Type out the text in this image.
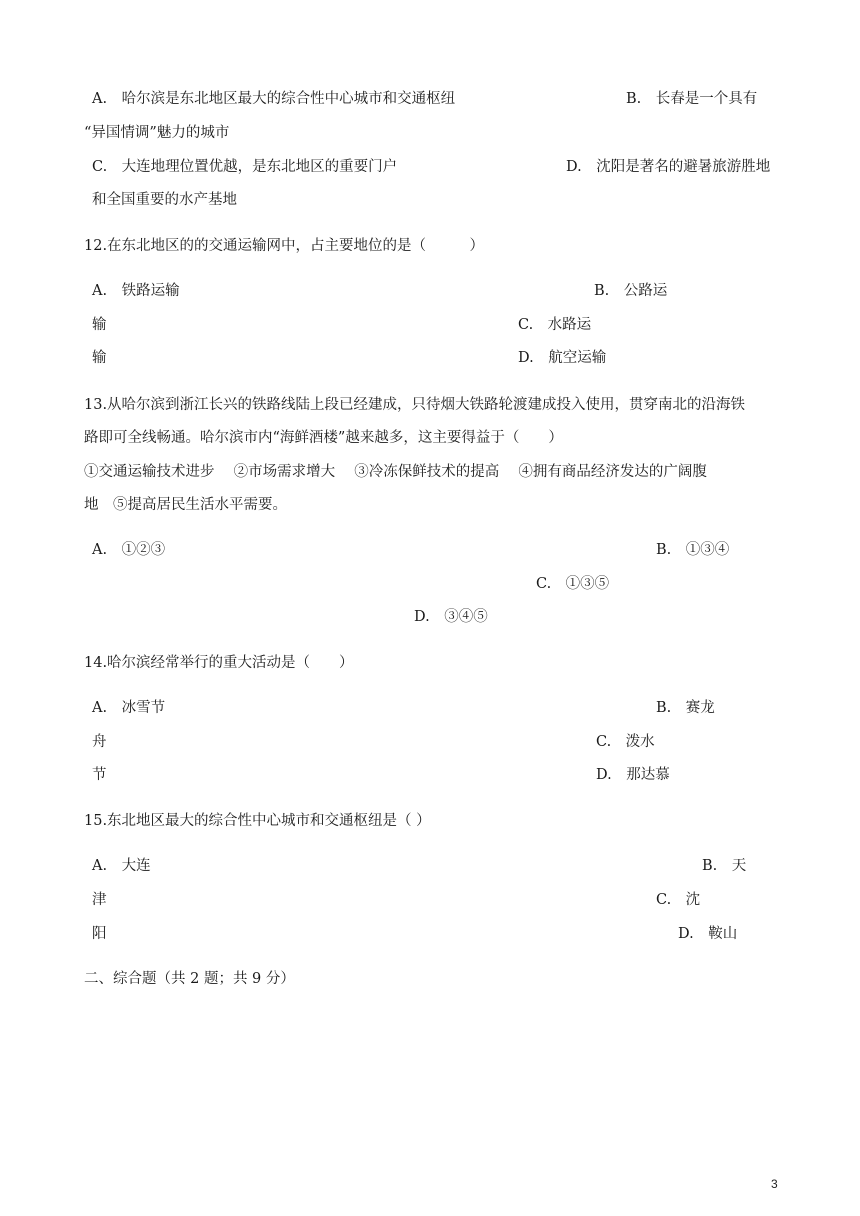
A.　哈尔滨是东北地区最大的综合性中心城市和交通枢纽	B.　长春是一个具有
“异国情调”魅力的城市
C.　大连地理位置优越，是东北地区的重要门户	D.　沈阳是著名的避暑旅游胜地
和全国重要的水产基地
12.在东北地区的的交通运输网中，占主要地位的是（　　　）
A.　铁路运输	B.　公路运
输	C.　水路运
输	D.　航空运输
13.从哈尔滨到浙江长兴的铁路线陆上段已经建成，只待烟大铁路轮渡建成投入使用，贯穿南北的沿海铁
路即可全线畅通。哈尔滨市内“海鲜酒楼”越来越多，这主要得益于（　　）
①交通运输技术进步　 ②市场需求增大　 ③冷冻保鲜技术的提高　 ④拥有商品经济发达的广阔腹
地　⑤提高居民生活水平需要。
A.　①②③	B.　①③④
C.　①③⑤
D.　③④⑤
14.哈尔滨经常举行的重大活动是（　　）
A.　冰雪节	B.　赛龙
舟	C.　泼水
节	D.　那达慕
15.东北地区最大的综合性中心城市和交通枢纽是（ ）
A.　大连	B.　天
津	C.　沈
阳	D.　鞍山
二、综合题（共 2 题；共 9 分）
3
